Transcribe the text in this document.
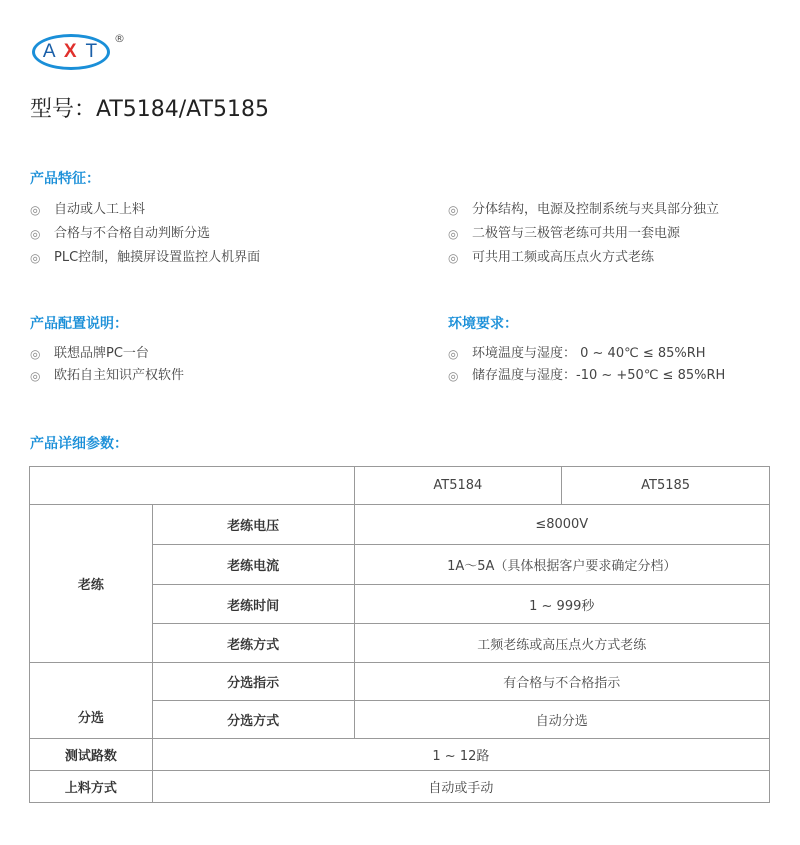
A X T
®
型号：AT5184/AT5185
产品特征：
◎	自动或人工上料
◎	合格与不合格自动判断分选
◎	PLC控制，触摸屏设置监控人机界面
◎	分体结构，电源及控制系统与夹具部分独立
◎	二极管与三极管老练可共用一套电源
◎	可共用工频或高压点火方式老练
产品配置说明：
◎	联想品牌PC一台
◎	欧拓自主知识产权软件
环境要求：
◎	环境温度与湿度： 0 ~ 40℃ ≤ 85%RH
◎	储存温度与湿度：-10 ~ +50℃ ≤ 85%RH
产品详细参数：
		AT5184	AT5185
老练	老练电压	≤8000V	
	老练电流	1A～5A（具体根据客户要求确定分档）	
	老练时间	1 ~ 999秒	
	老练方式	工频老练或高压点火方式老练	
分选	分选指示	有合格与不合格指示	
	分选方式	自动分选	
测试路数	1 ~ 12路		
上料方式	自动或手动		
